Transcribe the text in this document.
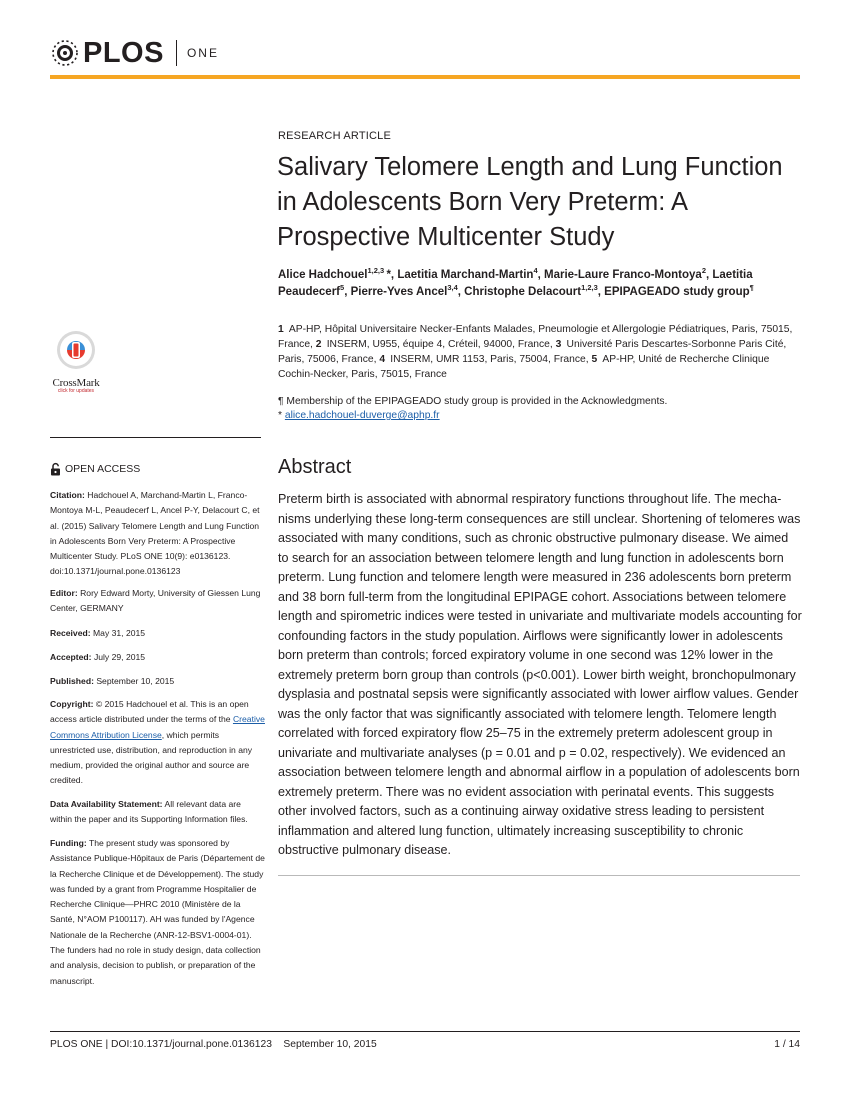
PLOS ONE
CrossMark
click for updates
OPEN ACCESS
Citation: Hadchouel A, Marchand-Martin L, Franco-Montoya M-L, Peaudecerf L, Ancel P-Y, Delacourt C, et al. (2015) Salivary Telomere Length and Lung Function in Adolescents Born Very Preterm: A Prospective Multicenter Study. PLoS ONE 10(9): e0136123. doi:10.1371/journal.pone.0136123
Editor: Rory Edward Morty, University of Giessen Lung Center, GERMANY
Received: May 31, 2015
Accepted: July 29, 2015
Published: September 10, 2015
Copyright: © 2015 Hadchouel et al. This is an open access article distributed under the terms of the Creative Commons Attribution License, which permits unrestricted use, distribution, and reproduction in any medium, provided the original author and source are credited.
Data Availability Statement: All relevant data are within the paper and its Supporting Information files.
Funding: The present study was sponsored by Assistance Publique-Hôpitaux de Paris (Département de la Recherche Clinique et de Développement). The study was funded by a grant from Programme Hospitalier de Recherche Clinique—PHRC 2010 (Ministère de la Santé, N°AOM P100117). AH was funded by l'Agence Nationale de la Recherche (ANR-12-BSV1-0004-01). The funders had no role in study design, data collection and analysis, decision to publish, or preparation of the manuscript.
RESEARCH ARTICLE
Salivary Telomere Length and Lung Function in Adolescents Born Very Preterm: A Prospective Multicenter Study
Alice Hadchouel$^{1,2,3}$ *, Laetitia Marchand-Martin$^4$, Marie-Laure Franco-Montoya$^2$, Laetitia Peaudecerf$^5$, Pierre-Yves Ancel$^{3,4}$, Christophe Delacourt$^{1,2,3}$, EPIPAGEADO study group¶
1  AP-HP, Hôpital Universitaire Necker-Enfants Malades, Pneumologie et Allergologie Pédiatriques, Paris, 75015, France, 2  INSERM, U955, équipe 4, Créteil, 94000, France, 3  Université Paris Descartes-Sorbonne Paris Cité, Paris, 75006, France, 4  INSERM, UMR 1153, Paris, 75004, France, 5  AP-HP, Unité de Recherche Clinique Cochin-Necker, Paris, 75015, France
¶ Membership of the EPIPAGEADO study group is provided in the Acknowledgments.
* alice.hadchouel-duverge@aphp.fr
Abstract

Preterm birth is associated with abnormal respiratory functions throughout life. The mechanisms underlying these long-term consequences are still unclear. Shortening of telomeres was associated with many conditions, such as chronic obstructive pulmonary disease. We aimed to search for an association between telomere length and lung function in adolescents born preterm. Lung function and telomere length were measured in 236 adolescents born preterm and 38 born full-term from the longitudinal EPIPAGE cohort. Associations between telomere length and spirometric indices were tested in univariate and multivariate models accounting for confounding factors in the study population. Airflows were significantly lower in adolescents born preterm than controls; forced expiratory volume in one second was 12% lower in the extremely preterm born group than controls (p<0.001). Lower birth weight, bronchopulmonary dysplasia and postnatal sepsis were significantly associated with lower airflow values. Gender was the only factor that was significantly associated with telomere length. Telomere length correlated with forced expiratory flow 25–75 in the extremely preterm adolescent group in univariate and multivariate analyses (p = 0.01 and p = 0.02, respectively). We evidenced an association between telomere length and abnormal airflow in a population of adolescents born extremely preterm. There was no evident association with perinatal events. This suggests other involved factors, such as a continuing airway oxidative stress leading to persistent inflammation and altered lung function, ultimately increasing susceptibility to chronic obstructive pulmonary disease.

PLOS ONE | DOI:10.1371/journal.pone.0136123 September 10, 2015	1 / 14
